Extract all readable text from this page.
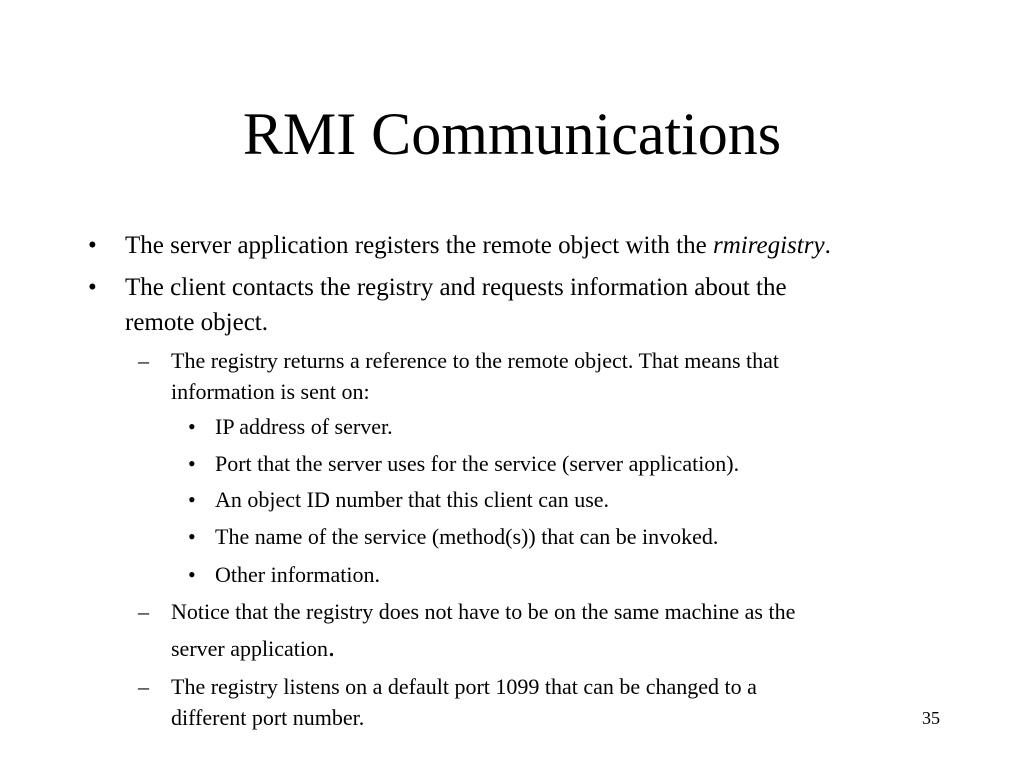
RMI Communications
• The server application registers the remote object with the rmiregistry.
• The client contacts the registry and requests information about the
remote object.
– The registry returns a reference to the remote object. That means that
information is sent on:
• IP address of server.
• Port that the server uses for the service (server application).
• An object ID number that this client can use.
• The name of the service (method(s)) that can be invoked.
• Other information.
– Notice that the registry does not have to be on the same machine as the
server application.
– The registry listens on a default port 1099 that can be changed to a
different port number.	35
